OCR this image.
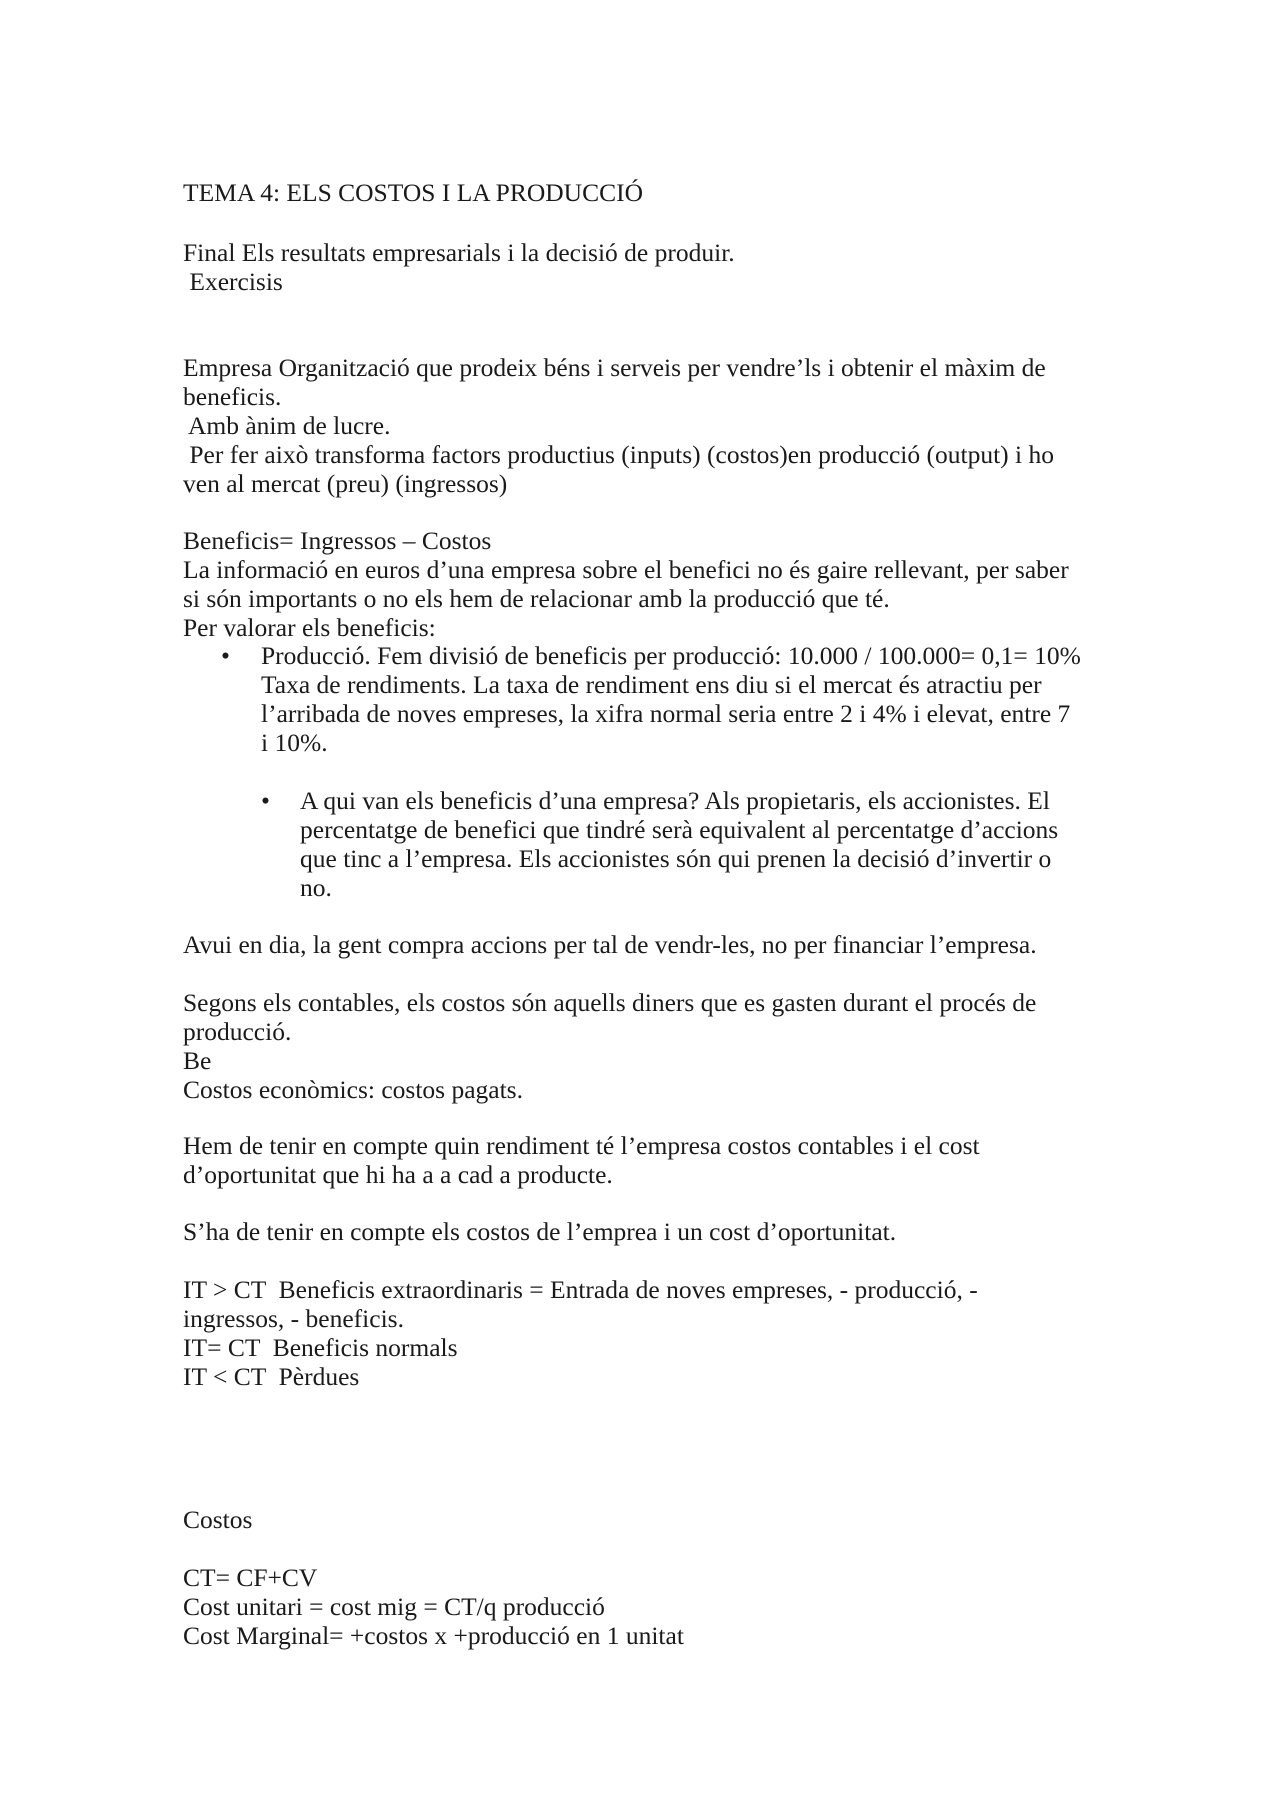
TEMA 4: ELS COSTOS I LA PRODUCCIÓ
Final Els resultats empresarials i la decisió de produir.
Exercisis
Empresa Organització que prodeix béns i serveis per vendre’ls i obtenir el màxim de
beneficis.
Amb ànim de lucre.
Per fer això transforma factors productius (inputs) (costos)en producció (output) i ho
ven al mercat (preu) (ingressos)
Beneficis= Ingressos – Costos
La informació en euros d’una empresa sobre el benefici no és gaire rellevant, per saber
si són importants o no els hem de relacionar amb la producció que té.
Per valorar els beneficis:
• Producció. Fem divisió de beneficis per producció: 10.000 / 100.000= 0,1= 10%
Taxa de rendiments. La taxa de rendiment ens diu si el mercat és atractiu per
l’arribada de noves empreses, la xifra normal seria entre 2 i 4% i elevat, entre 7
i 10%.
• A qui van els beneficis d’una empresa? Als propietaris, els accionistes. El
percentatge de benefici que tindré serà equivalent al percentatge d’accions
que tinc a l’empresa. Els accionistes són qui prenen la decisió d’invertir o
no.
Avui en dia, la gent compra accions per tal de vendr-les, no per financiar l’empresa.
Segons els contables, els costos són aquells diners que es gasten durant el procés de
producció.
Be
Costos econòmics: costos pagats.
Hem de tenir en compte quin rendiment té l’empresa costos contables i el cost
d’oportunitat que hi ha a a cad a producte.
S’ha de tenir en compte els costos de l’emprea i un cost d’oportunitat.
IT > CT  Beneficis extraordinaris = Entrada de noves empreses, - producció, -
ingressos, - beneficis.
IT= CT  Beneficis normals
IT < CT  Pèrdues
Costos
CT= CF+CV
Cost unitari = cost mig = CT/q producció
Cost Marginal= +costos x +producció en 1 unitat
